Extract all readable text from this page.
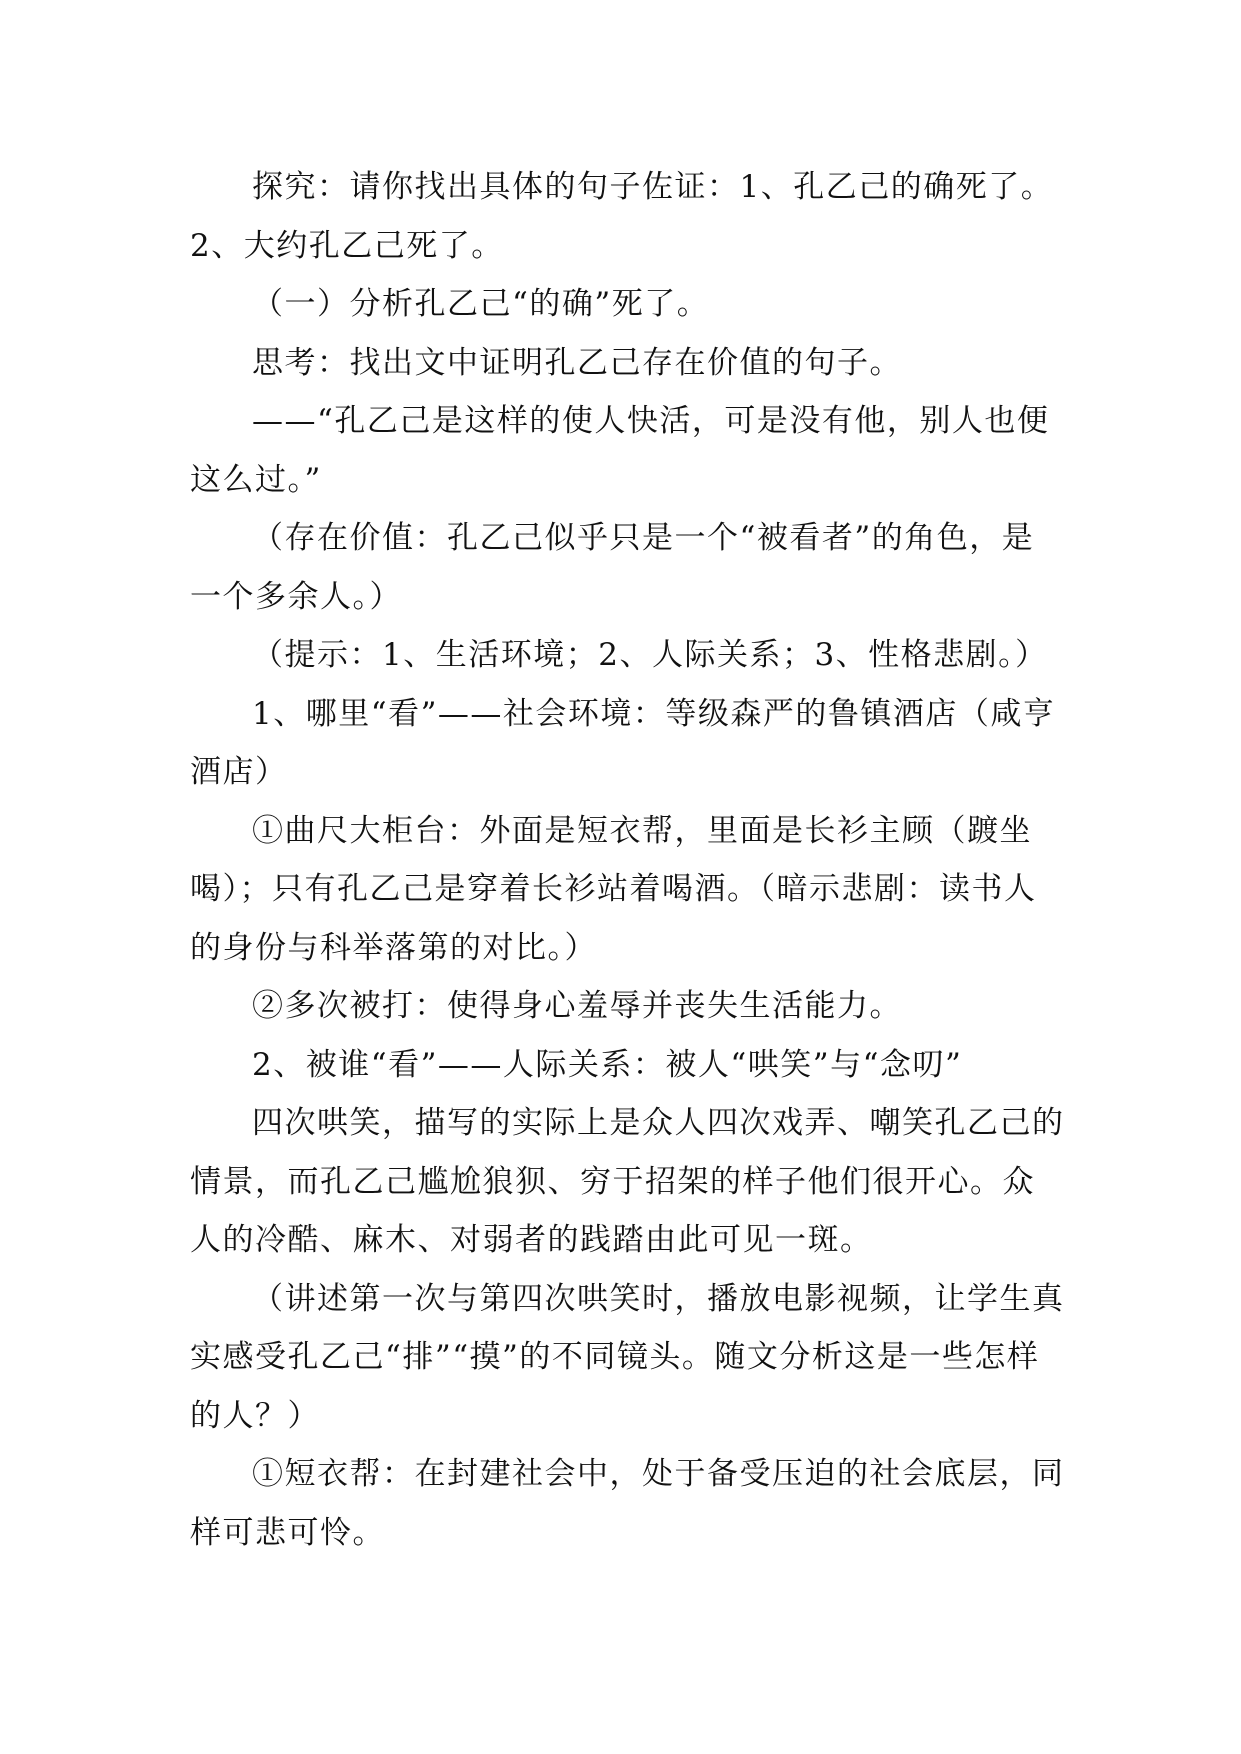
探究：请你找出具体的句子佐证：1、孔乙己的确死了。2、大约孔乙己死了。

（一）分析孔乙己“的确”死了。

思考：找出文中证明孔乙己存在价值的句子。

——“孔乙己是这样的使人快活，可是没有他，别人也便这么过。”

（存在价值：孔乙己似乎只是一个“被看者”的角色，是一个多余人。）

（提示：1、生活环境；2、人际关系；3、性格悲剧。）

1、哪里“看”——社会环境：等级森严的鲁镇酒店（咸亨酒店）

①曲尺大柜台：外面是短衣帮，里面是长衫主顾（踱坐喝）；只有孔乙己是穿着长衫站着喝酒。（暗示悲剧：读书人的身份与科举落第的对比。）

②多次被打：使得身心羞辱并丧失生活能力。

2、被谁“看”——人际关系：被人“哄笑”与“念叨”

四次哄笑，描写的实际上是众人四次戏弄、嘲笑孔乙己的情景，而孔乙己尴尬狼狈、穷于招架的样子他们很开心。众人的冷酷、麻木、对弱者的践踏由此可见一斑。

（讲述第一次与第四次哄笑时，播放电影视频，让学生真实感受孔乙己“排”“摸”的不同镜头。随文分析这是一些怎样的人？）

①短衣帮：在封建社会中，处于备受压迫的社会底层，同样可悲可怜。
